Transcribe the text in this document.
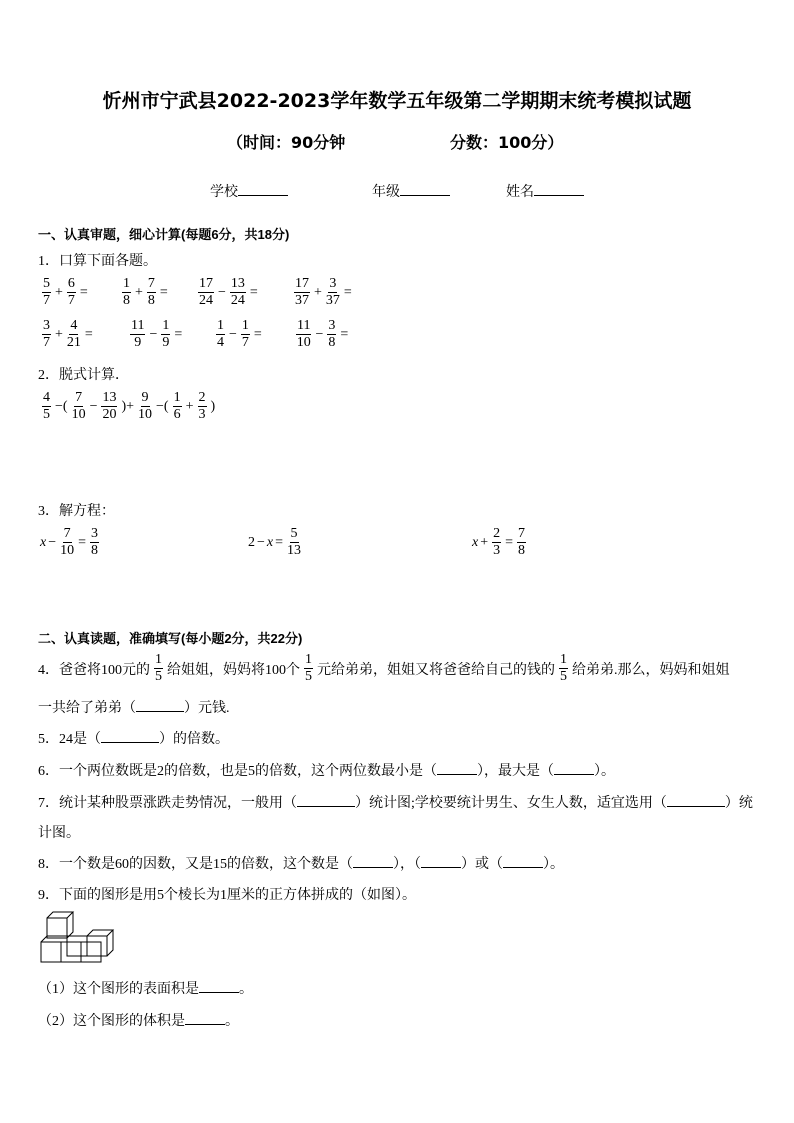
忻州市宁武县2022-2023学年数学五年级第二学期期末统考模拟试题
（时间：90分钟	分数：100分）
学校	年级	姓名
一、认真审题，细心计算(每题6分，共18分)
1．口算下面各题。
$\frac{5}{7} + \frac{6}{7} = \frac{1}{8} + \frac{7}{8} = \frac{17}{24} - \frac{13}{24}$ =	$\frac{17}{37} + \frac{3}{37}$ =
$\frac{3}{7} + \frac{4}{21}$ =	$\frac{11}{9} - \frac{1}{9} = \frac{1}{4} - \frac{1}{7} = \frac{11}{10} - \frac{3}{8}$ =
2．脱式计算．
$\frac{4}{5}$ −( $\frac{7}{10} - \frac{13}{20}$ )+ $\frac{9}{10}$ −( $\frac{1}{6} + \frac{2}{3}$ )
3．解方程：
$x - \frac{7}{10} = \frac{3}{8}$	$2 - x = \frac{5}{13}$	$x + \frac{2}{3} = \frac{7}{8}$
二、认真读题，准确填写(每小题2分，共22分)
4．爸爸将100元的 $\frac{1}{5}$ 给姐姐，妈妈将100个 $\frac{1}{5}$ 元给弟弟，姐姐又将爸爸给自己的钱的 $\frac{1}{5}$ 给弟弟.那么，妈妈和姐姐
一共给了弟弟（	）元钱.
5．24是（	）的倍数。
6．一个两位数既是2的倍数，也是5的倍数，这个两位数最小是（	），最大是（	）。
7．统计某种股票涨跌走势情况，一般用（	）统计图;学校要统计男生、女生人数，适宜选用（	）统
计图。
8．一个数是60的因数，又是15的倍数，这个数是（	），（	）或（	）。
9．下面的图形是用5个棱长为1厘米的正方体拼成的（如图）。
（1）这个图形的表面积是	。
（2）这个图形的体积是	。
